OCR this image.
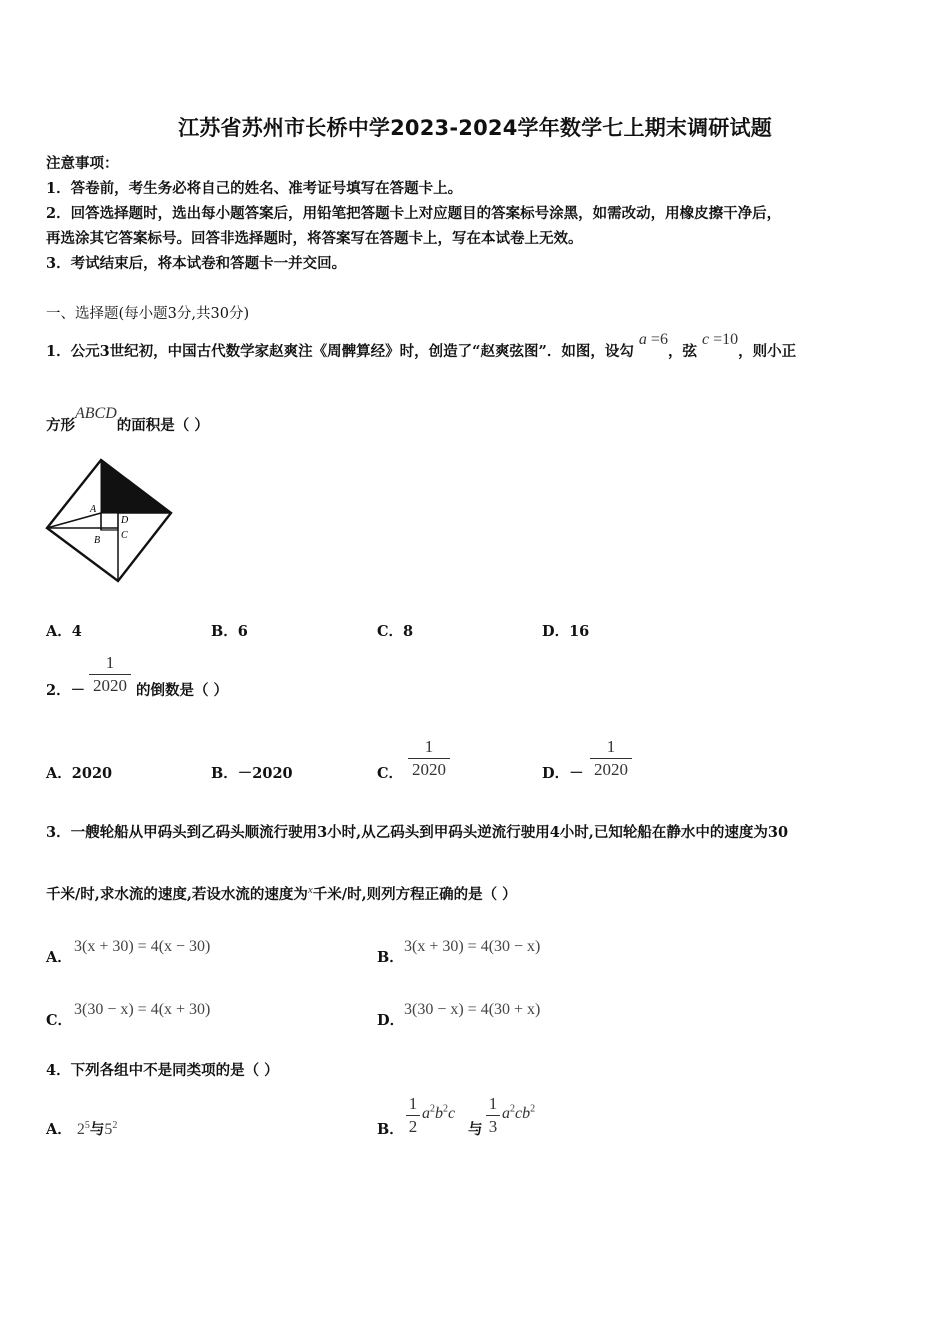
江苏省苏州市长桥中学2023-2024学年数学七上期末调研试题
注意事项：
1．答卷前，考生务必将自己的姓名、准考证号填写在答题卡上。
2．回答选择题时，选出每小题答案后，用铅笔把答题卡上对应题目的答案标号涂黑，如需改动，用橡皮擦干净后，
再选涂其它答案标号。回答非选择题时，将答案写在答题卡上，写在本试卷上无效。
3．考试结束后，将本试卷和答题卡一并交回。
一、选择题(每小题3分,共30分)
1．公元3世纪初，中国古代数学家赵爽注《周髀算经》时，创造了“赵爽弦图”．如图，设勾 a =6，弦 c =10，则小正
方形ABCD的面积是（ ）
A
B C
D
弦(c)
A．4	B．6	C．8	D．16
2．－
1
2020 的倒数是（ ）
A．2020	B．－2020	C．
1
2020	D．－
1
2020
3．一艘轮船从甲码头到乙码头顺流行驶用3小时,从乙码头到甲码头逆流行驶用4小时,已知轮船在静水中的速度为30
千米/时,求水流的速度,若设水流的速度为$^x$千米/时,则列方程正确的是（ ）
A．
3(x + 30) = 4(x − 30)
B．
3(x + 30) = 4(30 − x)
C．
3(30 − x) = 4(x + 30)
D．
3(30 − x) = 4(30 + x)
4．下列各组中不是同类项的是（ ）
A． $2^5$与$5^2$	B．
1
2
$a^2b^2c$
与
1
3
$a^2cb^2$
